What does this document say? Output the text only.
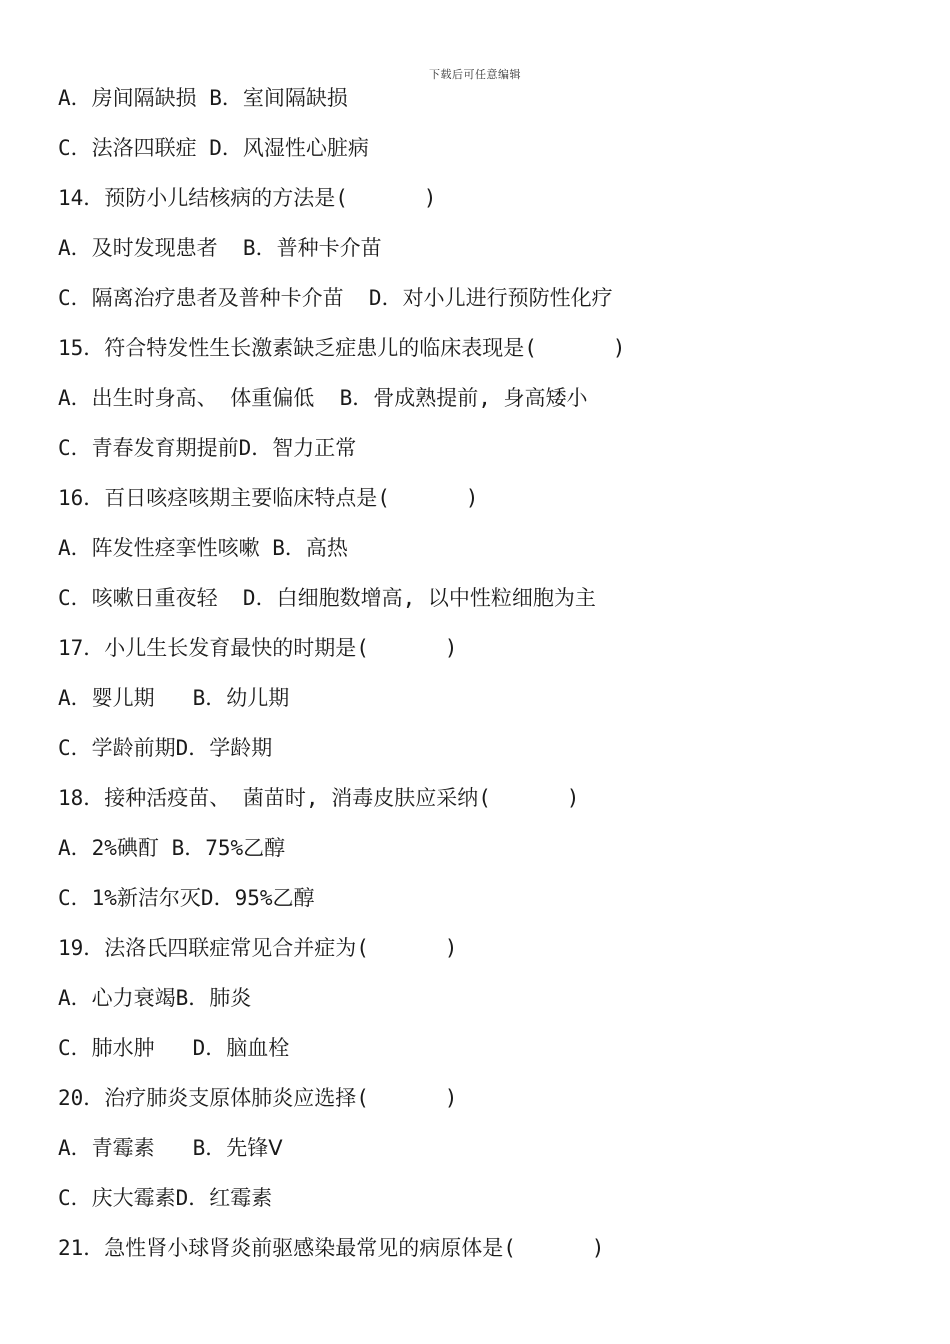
下载后可任意编辑
A．房间隔缺损 B．室间隔缺损
C．法洛四联症 D．风湿性心脏病
14．预防小儿结核病的方法是(      )
A．及时发现患者  B．普种卡介苗
C．隔离治疗患者及普种卡介苗  D．对小儿进行预防性化疗
15．符合特发性生长激素缺乏症患儿的临床表现是(      )
A．出生时身高、 体重偏低  B．骨成熟提前, 身高矮小
C．青春发育期提前D．智力正常
16．百日咳痉咳期主要临床特点是(      )
A．阵发性痉挛性咳嗽 B．高热
C．咳嗽日重夜轻  D．白细胞数增高, 以中性粒细胞为主
17．小儿生长发育最快的时期是(      )
A．婴儿期   B．幼儿期
C．学龄前期D．学龄期
18．接种活疫苗、 菌苗时, 消毒皮肤应采纳(      )
A．2%碘酊 B．75%乙醇
C．1%新洁尔灭D．95%乙醇
19．法洛氏四联症常见合并症为(      )
A．心力衰竭B．肺炎
C．肺水肿   D．脑血栓
20．治疗肺炎支原体肺炎应选择(      )
A．青霉素   B．先锋Ⅴ
C．庆大霉素D．红霉素
21．急性肾小球肾炎前驱感染最常见的病原体是(      )
